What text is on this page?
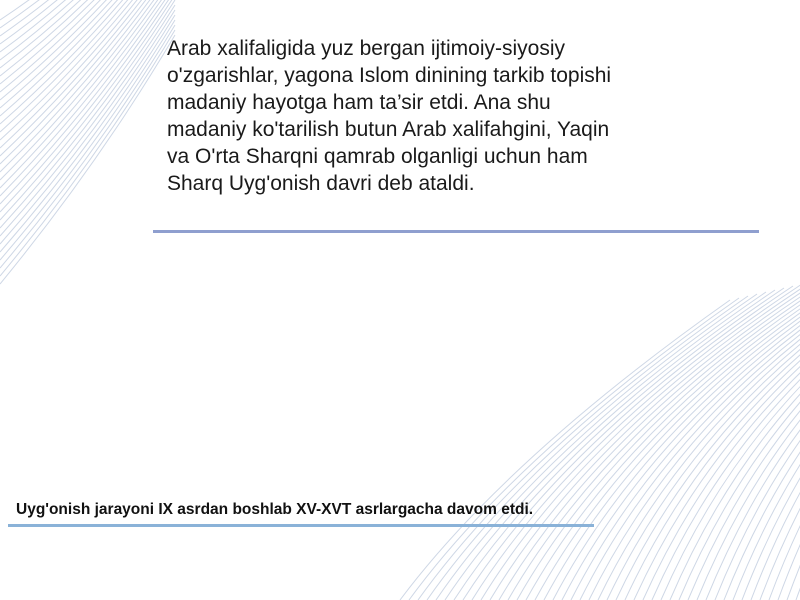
Arab xalifaligida yuz bergan ijtimoiy-siyosiy
o'zgarishlar, yagona Islom dinining tarkib topishi
madaniy hayotga ham ta’sir etdi. Ana shu
madaniy ko'tarilish butun Arab xalifahgini, Yaqin
va O'rta Sharqni qamrab olganligi uchun ham
Sharq Uyg'onish davri deb ataldi.

Uyg'onish jarayoni IX asrdan boshlab XV-XVT asrlargacha davom etdi.
